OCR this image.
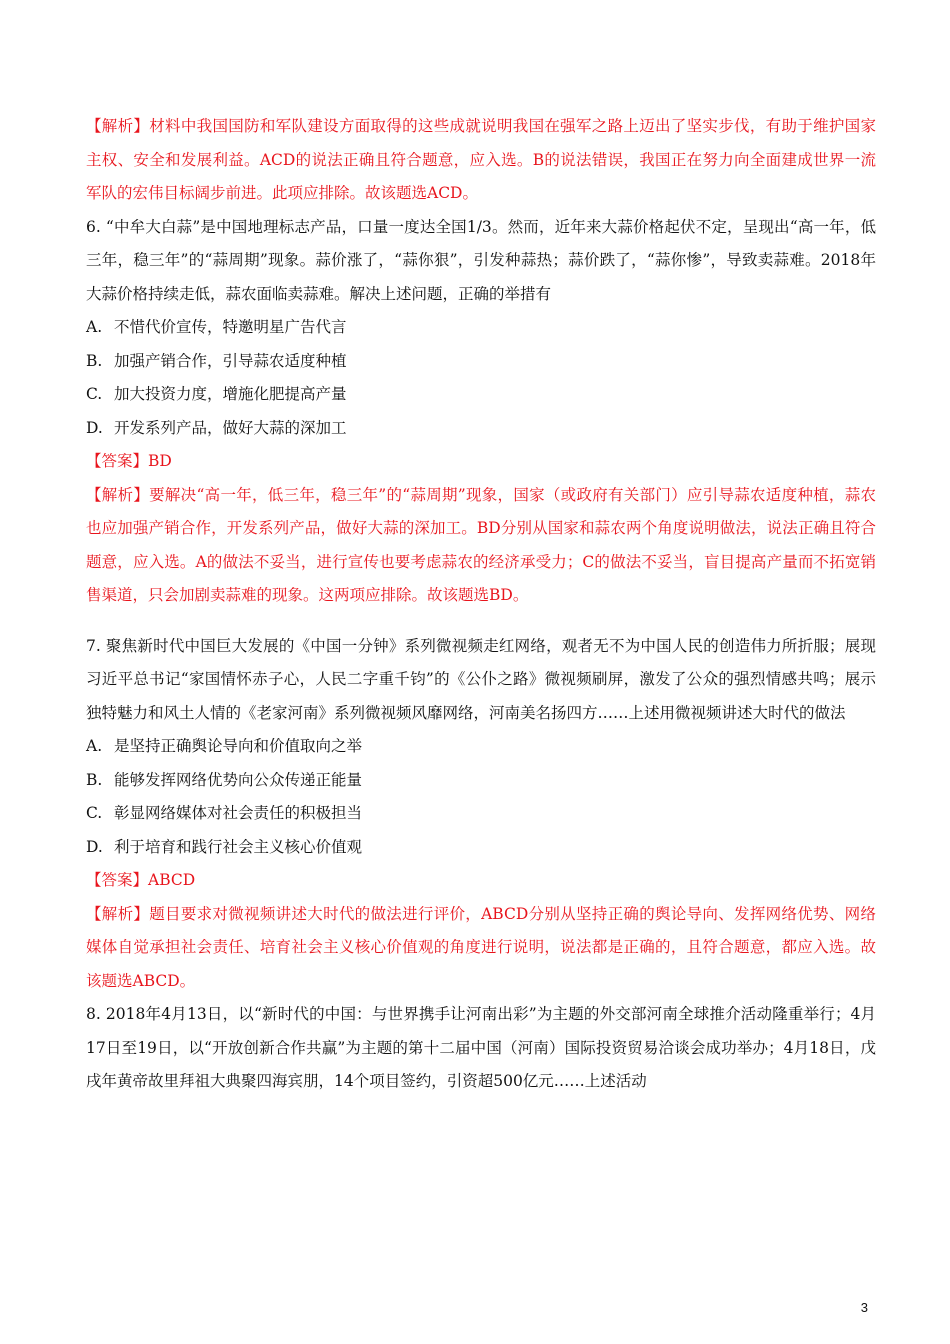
【解析】材料中我国国防和军队建设方面取得的这些成就说明我国在强军之路上迈出了坚实步伐，有助于维护国家主权、安全和发展利益。ACD的说法正确且符合题意，应入选。B的说法错误，我国正在努力向全面建成世界一流军队的宏伟目标阔步前进。此项应排除。故该题选ACD。

6. “中牟大白蒜”是中国地理标志产品，口量一度达全国1/3。然而，近年来大蒜价格起伏不定，呈现出“高一年，低三年，稳三年”的“蒜周期”现象。蒜价涨了，“蒜你狠”，引发种蒜热；蒜价跌了，“蒜你惨”，导致卖蒜难。2018年大蒜价格持续走低，蒜农面临卖蒜难。解决上述问题，正确的举措有

A. 不惜代价宣传，特邀明星广告代言

B. 加强产销合作，引导蒜农适度种植

C. 加大投资力度，增施化肥提高产量

D. 开发系列产品，做好大蒜的深加工

【答案】BD

【解析】要解决“高一年，低三年，稳三年”的“蒜周期”现象，国家（或政府有关部门）应引导蒜农适度种植，蒜农也应加强产销合作，开发系列产品，做好大蒜的深加工。BD分别从国家和蒜农两个角度说明做法，说法正确且符合题意，应入选。A的做法不妥当，进行宣传也要考虑蒜农的经济承受力；C的做法不妥当，盲目提高产量而不拓宽销售渠道，只会加剧卖蒜难的现象。这两项应排除。故该题选BD。

7. 聚焦新时代中国巨大发展的《中国一分钟》系列微视频走红网络，观者无不为中国人民的创造伟力所折服；展现习近平总书记“家国情怀赤子心，人民二字重千钧”的《公仆之路》微视频刷屏，激发了公众的强烈情感共鸣；展示独特魅力和风土人情的《老家河南》系列微视频风靡网络，河南美名扬四方……上述用微视频讲述大时代的做法

A. 是坚持正确舆论导向和价值取向之举

B. 能够发挥网络优势向公众传递正能量

C. 彰显网络媒体对社会责任的积极担当

D. 利于培育和践行社会主义核心价值观

【答案】ABCD

【解析】题目要求对微视频讲述大时代的做法进行评价，ABCD分别从坚持正确的舆论导向、发挥网络优势、网络媒体自觉承担社会责任、培育社会主义核心价值观的角度进行说明，说法都是正确的，且符合题意，都应入选。故该题选ABCD。

8. 2018年4月13日，以“新时代的中国：与世界携手让河南出彩”为主题的外交部河南全球推介活动隆重举行；4月17日至19日，以“开放创新合作共赢”为主题的第十二届中国（河南）国际投资贸易洽谈会成功举办；4月18日，戊戌年黄帝故里拜祖大典聚四海宾朋，14个项目签约，引资超500亿元……上述活动

3
